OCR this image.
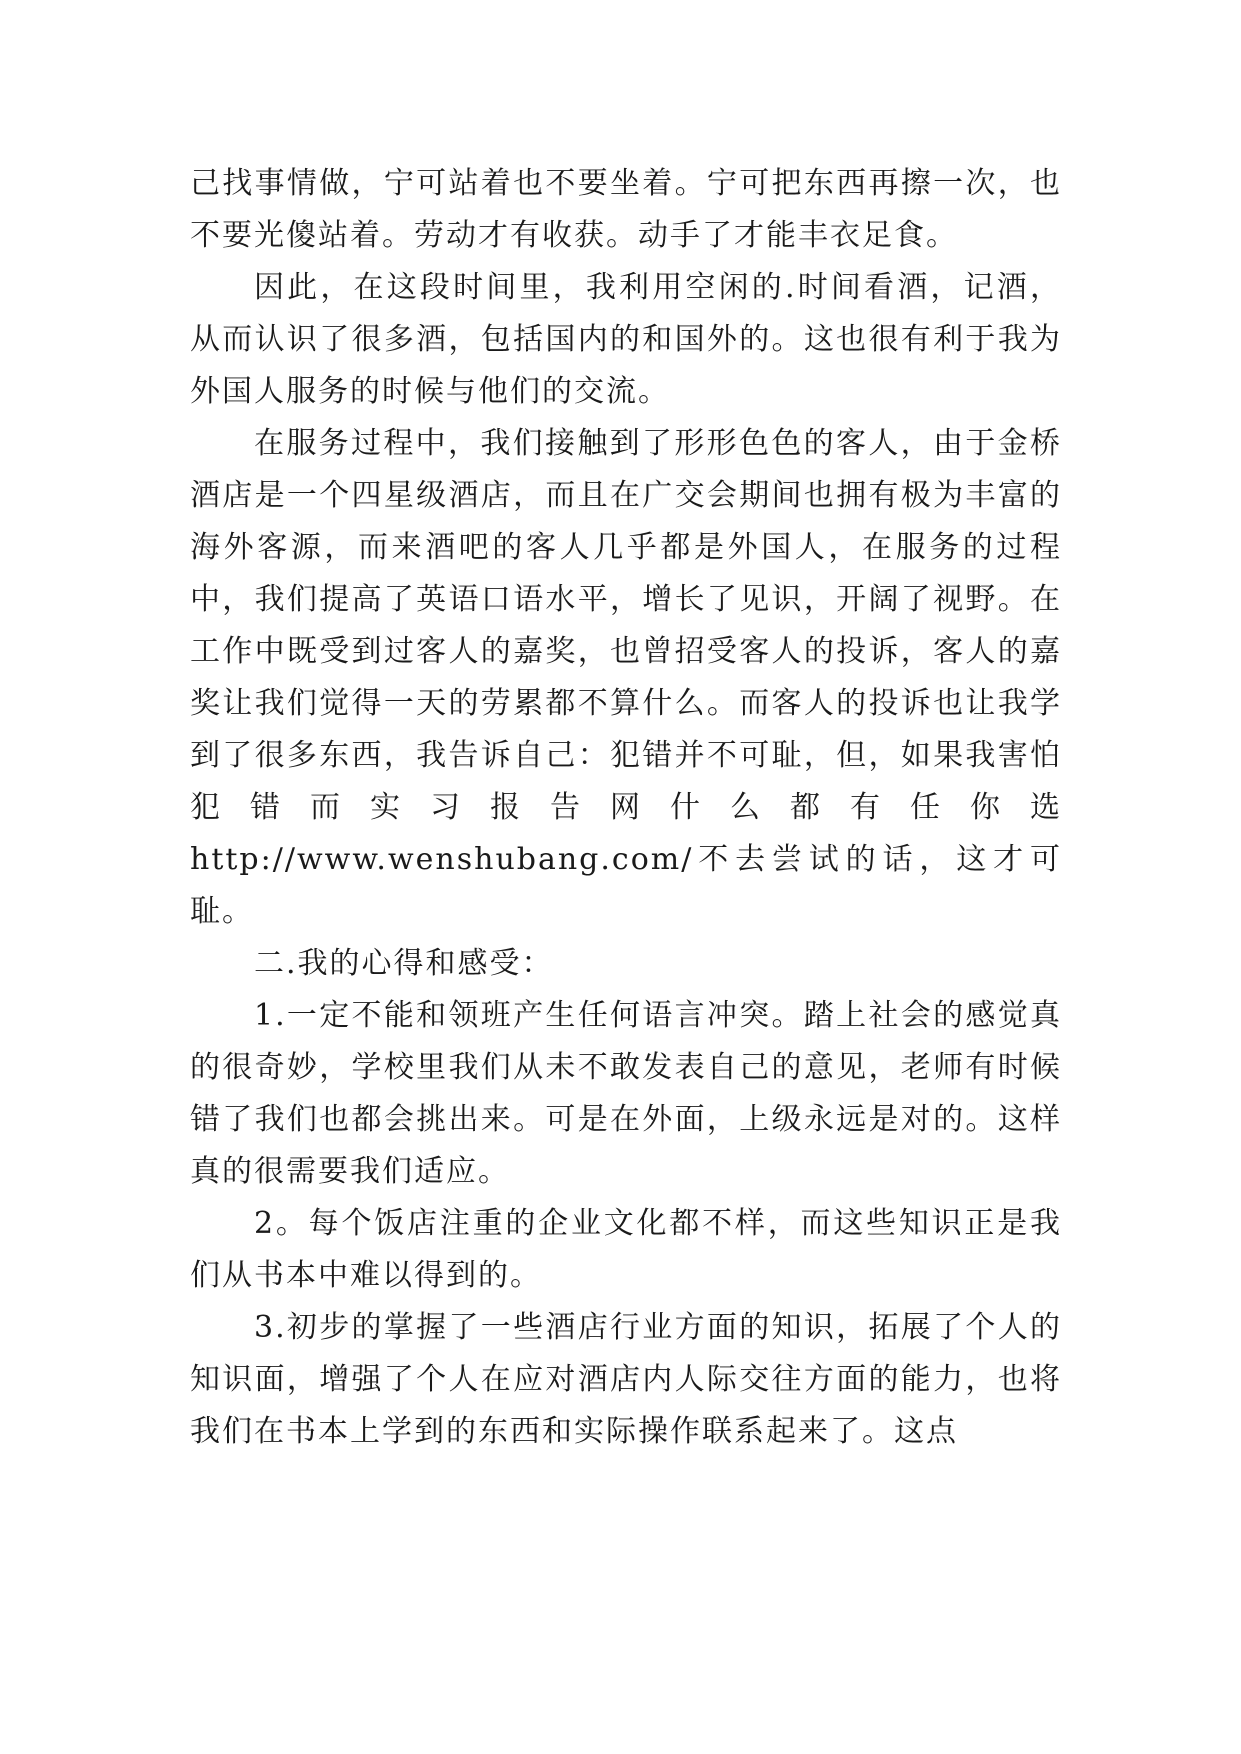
己找事情做，宁可站着也不要坐着。宁可把东西再擦一次，也不要光傻站着。劳动才有收获。动手了才能丰衣足食。

因此，在这段时间里，我利用空闲的.时间看酒，记酒，从而认识了很多酒，包括国内的和国外的。这也很有利于我为外国人服务的时候与他们的交流。

在服务过程中，我们接触到了形形色色的客人，由于金桥酒店是一个四星级酒店，而且在广交会期间也拥有极为丰富的海外客源，而来酒吧的客人几乎都是外国人，在服务的过程中，我们提高了英语口语水平，增长了见识，开阔了视野。在工作中既受到过客人的嘉奖，也曾招受客人的投诉，客人的嘉奖让我们觉得一天的劳累都不算什么。而客人的投诉也让我学到了很多东西，我告诉自己：犯错并不可耻，但，如果我害怕犯错而实习报告网什么都有任你选 http://www.wenshubang.com/不去尝试的话，这才可耻。

二.我的心得和感受：

1.一定不能和领班产生任何语言冲突。踏上社会的感觉真的很奇妙，学校里我们从未不敢发表自己的意见，老师有时候错了我们也都会挑出来。可是在外面，上级永远是对的。这样真的很需要我们适应。

2。每个饭店注重的企业文化都不样，而这些知识正是我们从书本中难以得到的。

3.初步的掌握了一些酒店行业方面的知识，拓展了个人的知识面，增强了个人在应对酒店内人际交往方面的能力，也将我们在书本上学到的东西和实际操作联系起来了。这点
